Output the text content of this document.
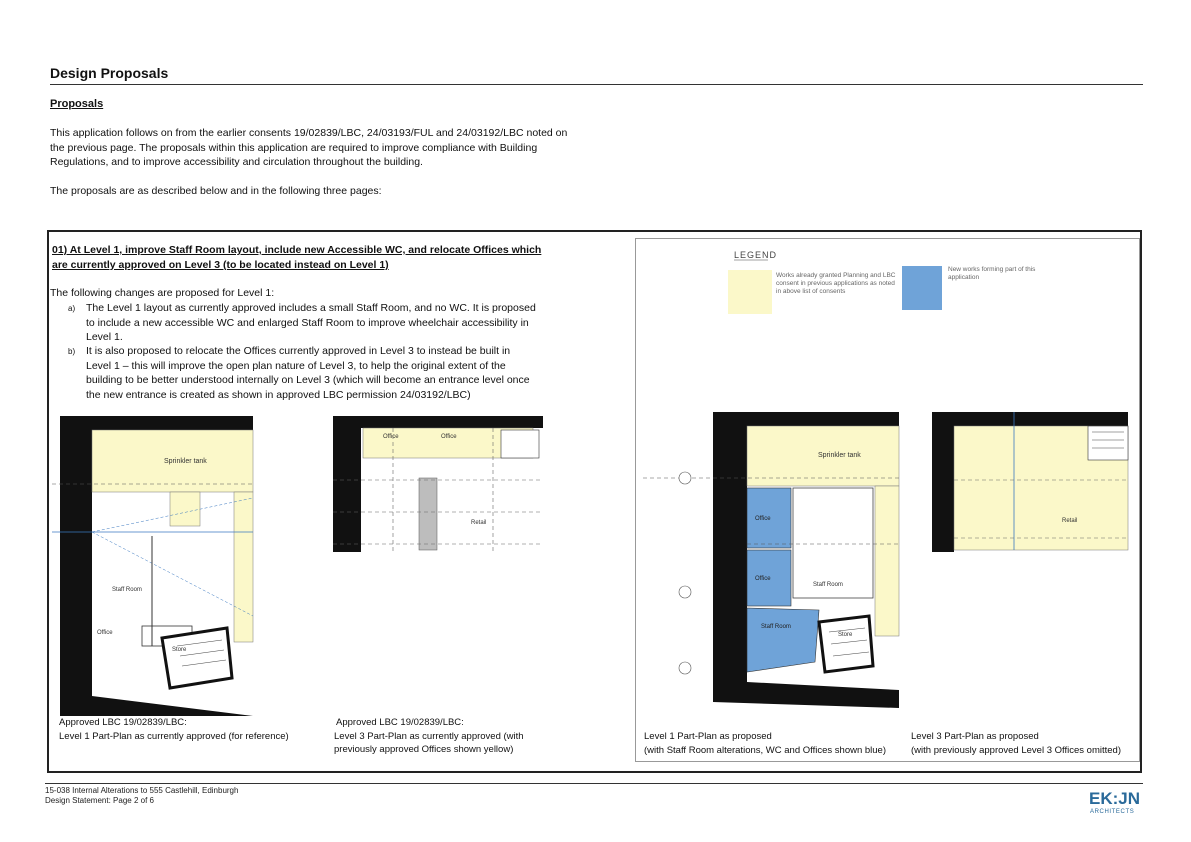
Design Proposals
Proposals
This application follows on from the earlier consents 19/02839/LBC, 24/03193/FUL and 24/03192/LBC noted on the previous page. The proposals within this application are required to improve compliance with Building Regulations, and to improve accessibility and circulation throughout the building.
The proposals are as described below and in the following three pages:
01) At Level 1, improve Staff Room layout, include new Accessible WC, and relocate Offices which are currently approved on Level 3 (to be located instead on Level 1)
The following changes are proposed for Level 1:
a) The Level 1 layout as currently approved includes a small Staff Room, and no WC. It is proposed to include a new accessible WC and enlarged Staff Room to improve wheelchair accessibility in Level 1.
b) It is also proposed to relocate the Offices currently approved in Level 3 to instead be built in Level 1 – this will improve the open plan nature of Level 3, to help the original extent of the building to be better understood internally on Level 3 (which will become an entrance level once the new entrance is created as shown in approved LBC permission 24/03192/LBC)
Sprinkler tank
Staff Room
Office
Store
Office	Office
Retail
Approved LBC 19/02839/LBC:
Level 1 Part-Plan as currently approved (for reference)
Approved LBC 19/02839/LBC:
Level 3 Part-Plan as currently approved (with
previously approved Offices shown yellow)
LEGEND
Works already granted Planning and LBC consent in previous applications as noted in above list of consents
New works forming part of this application
Sprinkler tank
Staff Room
Staff Room
Store
Office
Office
Retail
Level 1 Part-Plan as proposed
(with Staff Room alterations, WC and Offices shown blue)
Level 3 Part-Plan as proposed
(with previously approved Level 3 Offices omitted)
15-038 Internal Alterations to 555 Castlehill, Edinburgh
Design Statement: Page 2 of 6	EK:JN
ARCHITECTS
